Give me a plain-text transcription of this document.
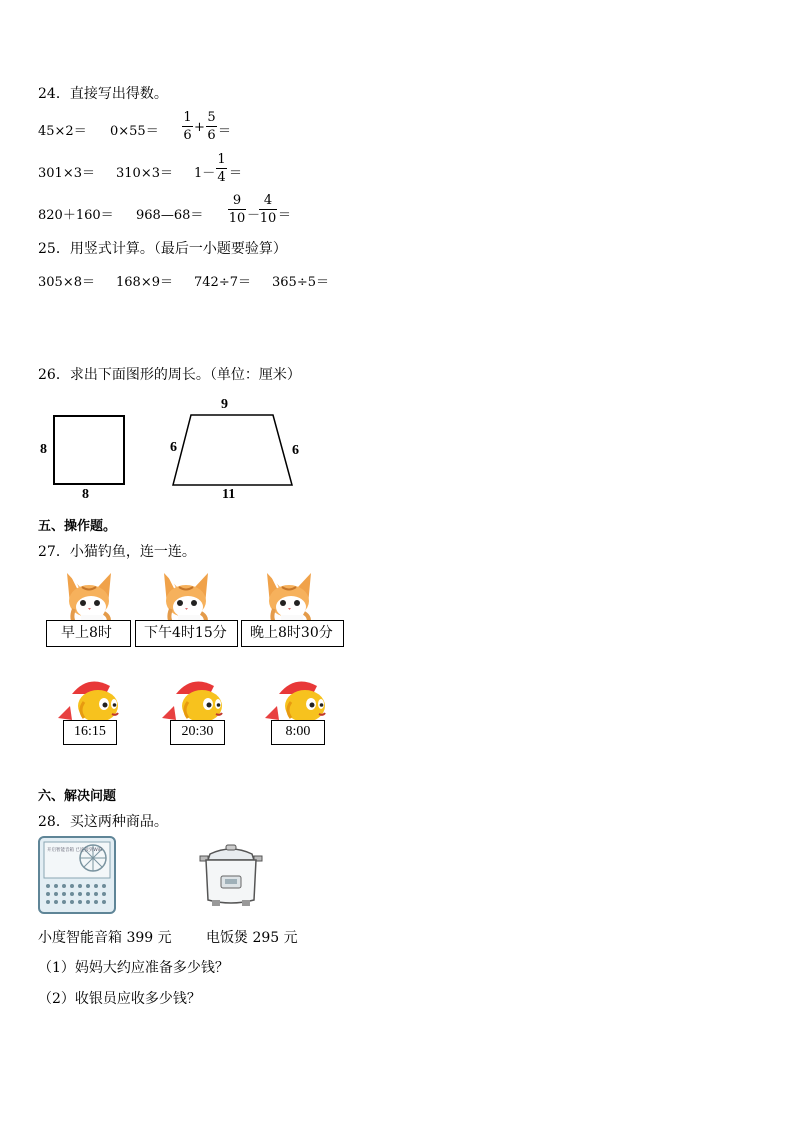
24．直接写出得数。
45×2＝ 0×55＝
1
6
+
5
6 ＝
301×3＝ 310×3＝ 1－
1
4 ＝
820＋160＝ 968—68＝
9
10 －
4
10 ＝
25．用竖式计算。（最后一小题要验算）
305×8＝ 168×9＝ 742÷7＝ 365÷5＝
26．求出下面图形的周长。（单位：厘米）
8
8
9
6	6
11
五、操作题。
27．小猫钓鱼，连一连。
早上8时	下午4时15分	晚上8时30分
16:15	20:30	8:00
六、解决问题
28．买这两种商品。
开启智能音箱 已连接到WiFi
小度智能音箱 399 元 电饭煲 295 元
（1）妈妈大约应准备多少钱？
（2）收银员应收多少钱？
